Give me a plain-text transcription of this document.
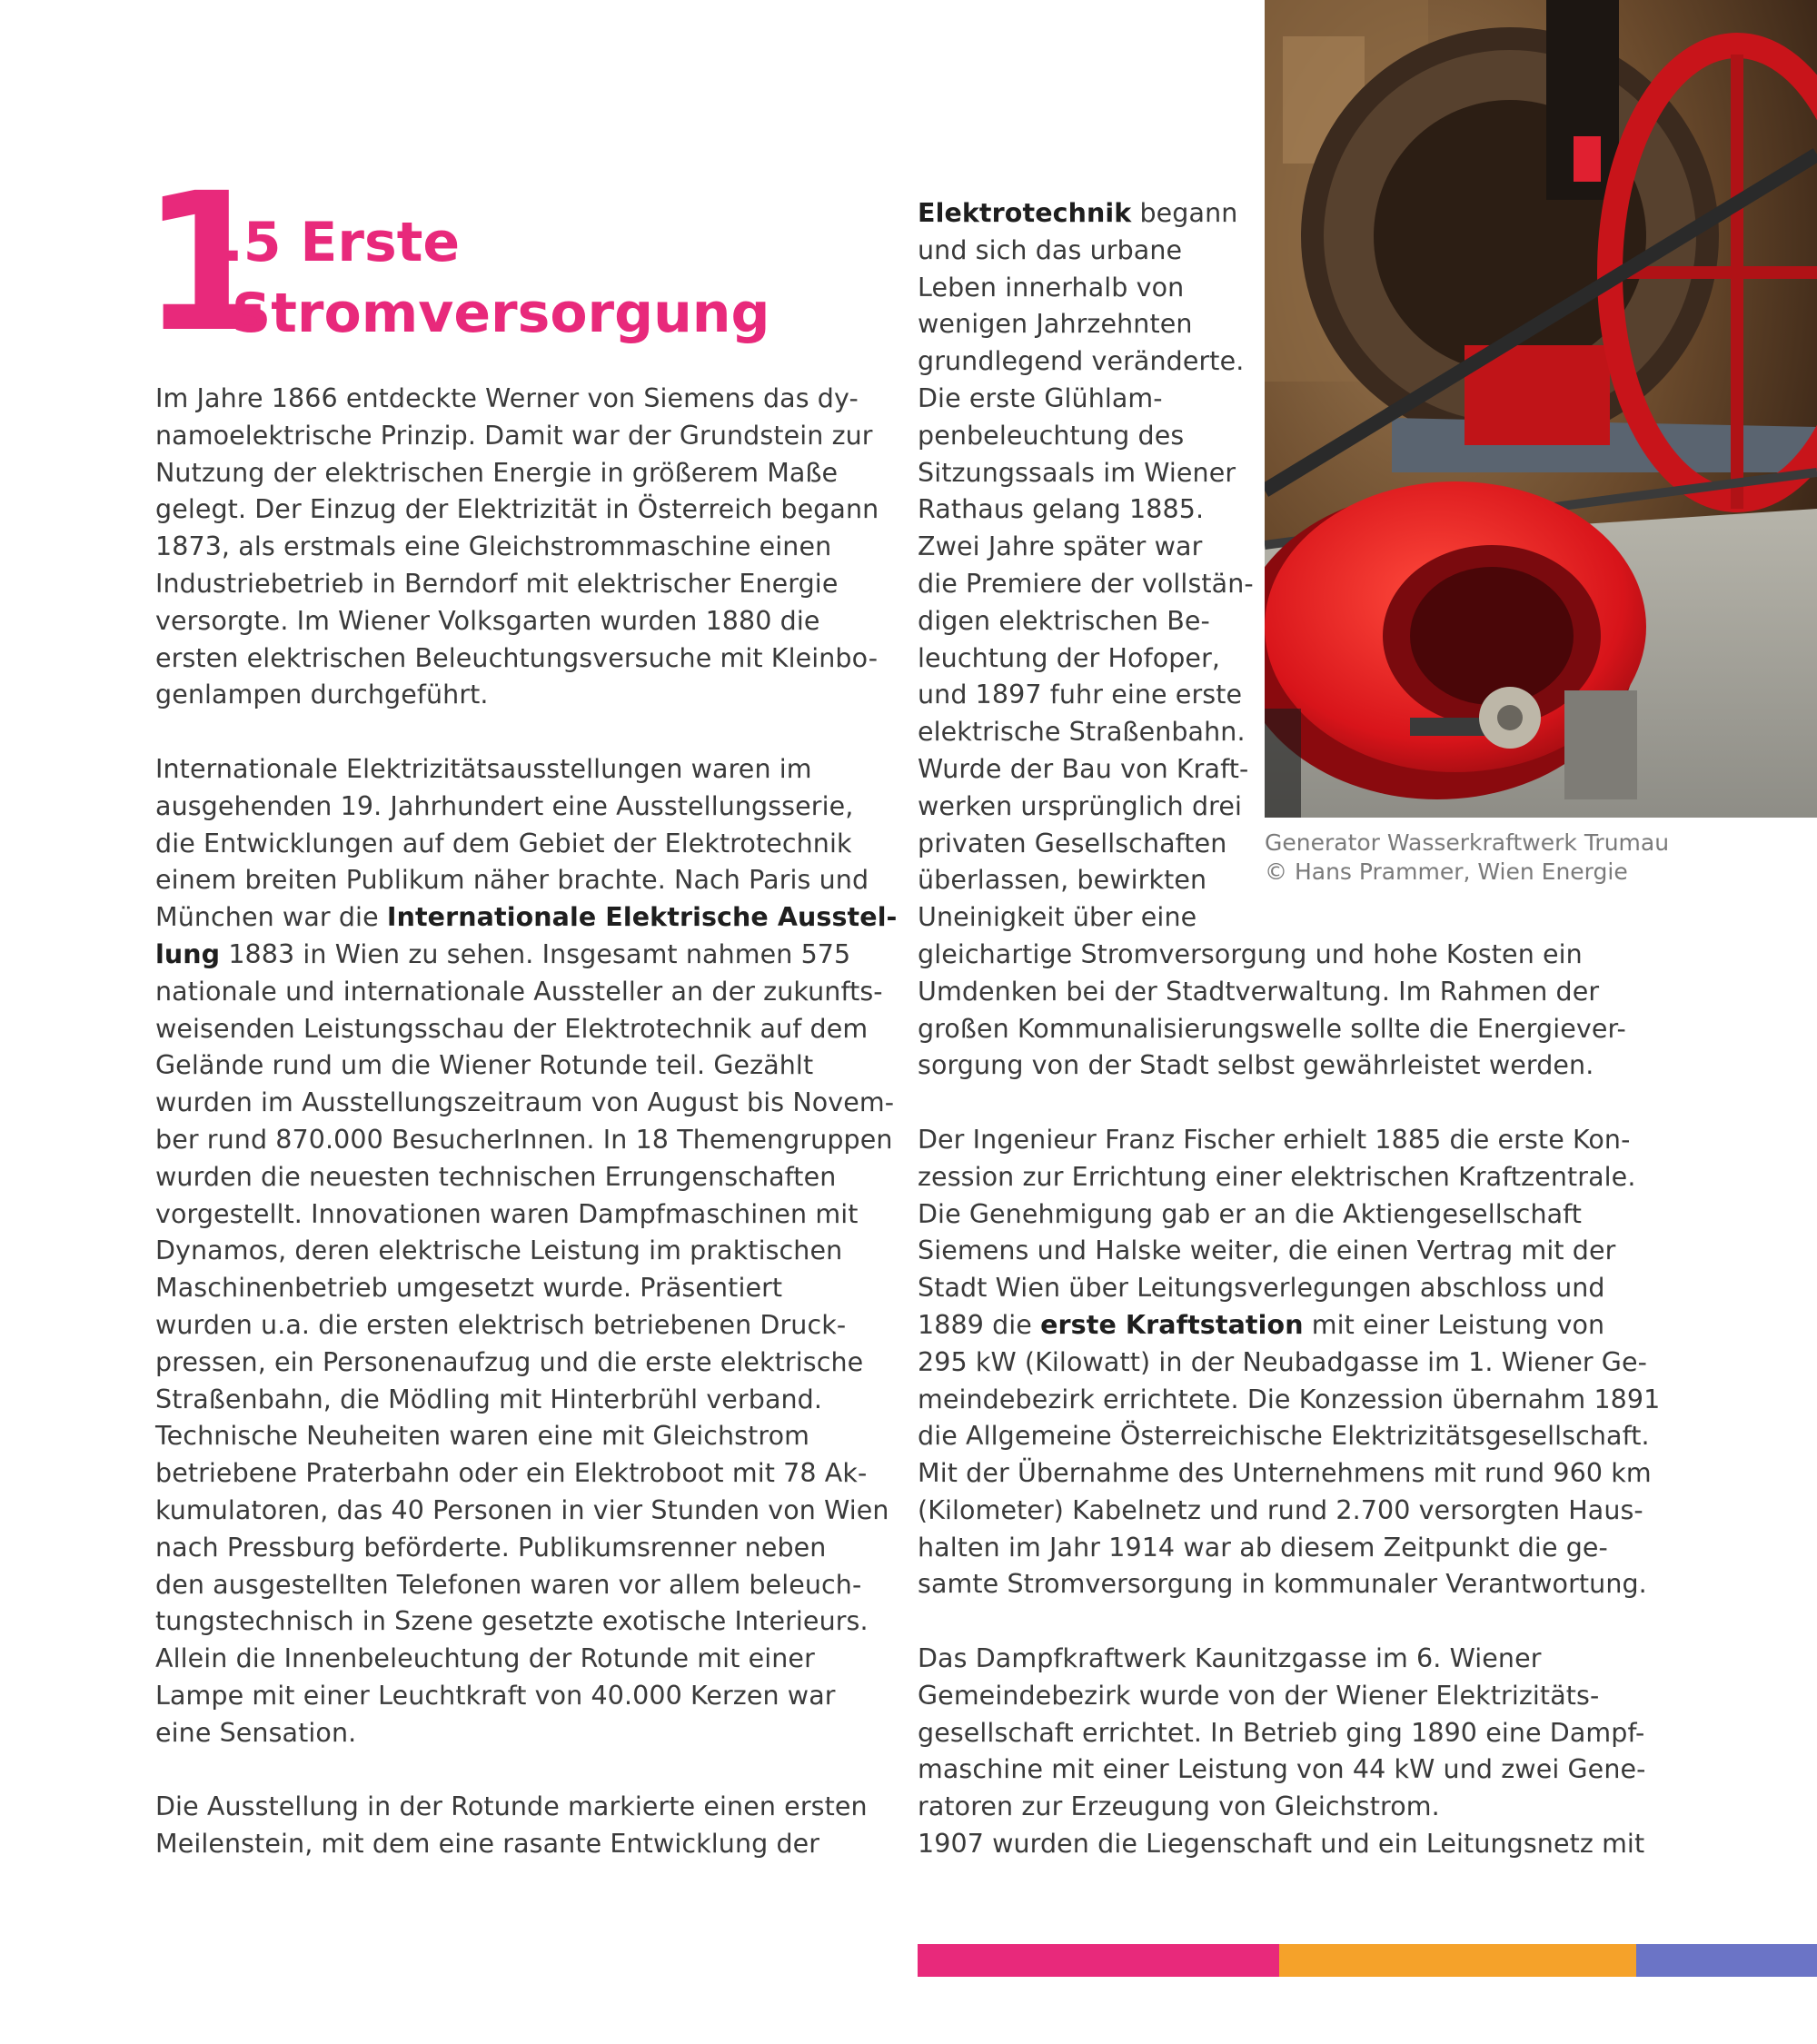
1
.5 Erste
Stromversorgung
Im Jahre 1866 entdeckte Werner von Siemens das dy-
namoelektrische Prinzip. Damit war der Grundstein zur
Nutzung der elektrischen Energie in größerem Maße
gelegt. Der Einzug der Elektrizität in Österreich begann
1873, als erstmals eine Gleichstrommaschine einen
Industriebetrieb in Berndorf mit elektrischer Energie
versorgte. Im Wiener Volksgarten wurden 1880 die
ersten elektrischen Beleuchtungsversuche mit Kleinbo-
genlampen durchgeführt.
Internationale Elektrizitätsausstellungen waren im
ausgehenden 19. Jahrhundert eine Ausstellungsserie,
die Entwicklungen auf dem Gebiet der Elektrotechnik
einem breiten Publikum näher brachte. Nach Paris und
München war die Internationale Elektrische Ausstel-
lung 1883 in Wien zu sehen. Insgesamt nahmen 575
nationale und internationale Aussteller an der zukunfts-
weisenden Leistungsschau der Elektrotechnik auf dem
Gelände rund um die Wiener Rotunde teil. Gezählt
wurden im Ausstellungszeitraum von August bis Novem-
ber rund 870.000 BesucherInnen. In 18 Themengruppen
wurden die neuesten technischen Errungenschaften
vorgestellt. Innovationen waren Dampfmaschinen mit
Dynamos, deren elektrische Leistung im praktischen
Maschinenbetrieb umgesetzt wurde. Präsentiert
wurden u.a. die ersten elektrisch betriebenen Druck-
pressen, ein Personenaufzug und die erste elektrische
Straßenbahn, die Mödling mit Hinterbrühl verband.
Technische Neuheiten waren eine mit Gleichstrom
betriebene Praterbahn oder ein Elektroboot mit 78 Ak-
kumulatoren, das 40 Personen in vier Stunden von Wien
nach Pressburg beförderte. Publikumsrenner neben
den ausgestellten Telefonen waren vor allem beleuch-
tungstechnisch in Szene gesetzte exotische Interieurs.
Allein die Innenbeleuchtung der Rotunde mit einer
Lampe mit einer Leuchtkraft von 40.000 Kerzen war
eine Sensation.
Die Ausstellung in der Rotunde markierte einen ersten
Meilenstein, mit dem eine rasante Entwicklung der
Elektrotechnik begann
und sich das urbane
Leben innerhalb von
wenigen Jahrzehnten
grundlegend veränderte.
Die erste Glühlam-
penbeleuchtung des
Sitzungssaals im Wiener
Rathaus gelang 1885.
Zwei Jahre später war
die Premiere der vollstän-
digen elektrischen Be-
leuchtung der Hofoper,
und 1897 fuhr eine erste
elektrische Straßenbahn.
Wurde der Bau von Kraft-
werken ursprünglich drei
privaten Gesellschaften
überlassen, bewirkten
Uneinigkeit über eine
gleichartige Stromversorgung und hohe Kosten ein
Umdenken bei der Stadtverwaltung. Im Rahmen der
großen Kommunalisierungswelle sollte die Energiever-
sorgung von der Stadt selbst gewährleistet werden.
Der Ingenieur Franz Fischer erhielt 1885 die erste Kon-
zession zur Errichtung einer elektrischen Kraftzentrale.
Die Genehmigung gab er an die Aktiengesellschaft
Siemens und Halske weiter, die einen Vertrag mit der
Stadt Wien über Leitungsverlegungen abschloss und
1889 die erste Kraftstation mit einer Leistung von
295 kW (Kilowatt) in der Neubadgasse im 1. Wiener Ge-
meindebezirk errichtete. Die Konzession übernahm 1891
die Allgemeine Österreichische Elektrizitätsgesellschaft.
Mit der Übernahme des Unternehmens mit rund 960 km
(Kilometer) Kabelnetz und rund 2.700 versorgten Haus-
halten im Jahr 1914 war ab diesem Zeitpunkt die ge-
samte Stromversorgung in kommunaler Verantwortung.
Das Dampfkraftwerk Kaunitzgasse im 6. Wiener
Gemeindebezirk wurde von der Wiener Elektrizitäts-
gesellschaft errichtet. In Betrieb ging 1890 eine Dampf-
maschine mit einer Leistung von 44 kW und zwei Gene-
ratoren zur Erzeugung von Gleichstrom.
1907 wurden die Liegenschaft und ein Leitungsnetz mit
Generator Wasserkraftwerk Trumau
© Hans Prammer, Wien Energie
